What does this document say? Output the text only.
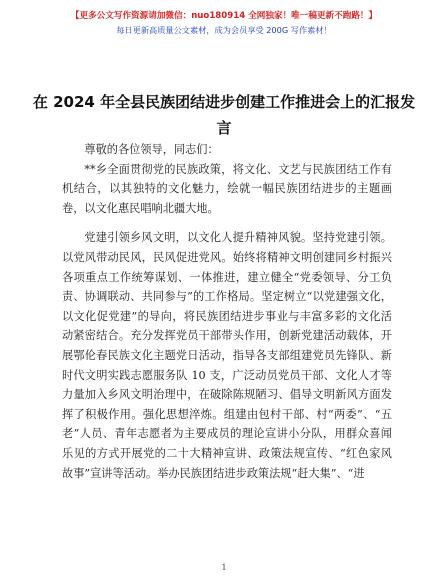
【更多公文写作资源请加微信：nuo180914 全网独家！唯一稿更新不跑路！】
每日更新高质量公文素材，成为会员享受 200G 写作素材！
在 2024 年全县民族团结进步创建工作推进会上的汇报发言

尊敬的各位领导，同志们：

**乡全面贯彻党的民族政策，将文化、文艺与民族团结工作有机结合，以其独特的文化魅力，绘就一幅民族团结进步的主题画卷，以文化惠民唱响北疆大地。

党建引领乡风文明，以文化人提升精神风貌。坚持党建引领。以党风带动民风，民风促进党风。始终将精神文明创建同乡村振兴各项重点工作统筹谋划、一体推进，建立健全“党委领导、分工负责、协调联动、共同参与”的工作格局。坚定树立“以党建强文化，以文化促党建”的导向，将民族团结进步事业与丰富多彩的文化活动紧密结合。充分发挥党员干部带头作用，创新党建活动载体，开展鄂伦春民族文化主题党日活动，指导各支部组建党员先锋队、新时代文明实践志愿服务队 10 支，广泛动员党员干部、文化人才等力量加入乡风文明治理中，在破除陈规陋习、倡导文明新风方面发挥了积极作用。强化思想淬炼。组建由包村干部、村“两委”、“五老”人员、青年志愿者为主要成员的理论宣讲小分队，用群众喜闻乐见的方式开展党的二十大精神宣讲、政策法规宣传、“红色家风故事”宣讲等活动。举办民族团结进步政策法规“赶大集”、“进

1
